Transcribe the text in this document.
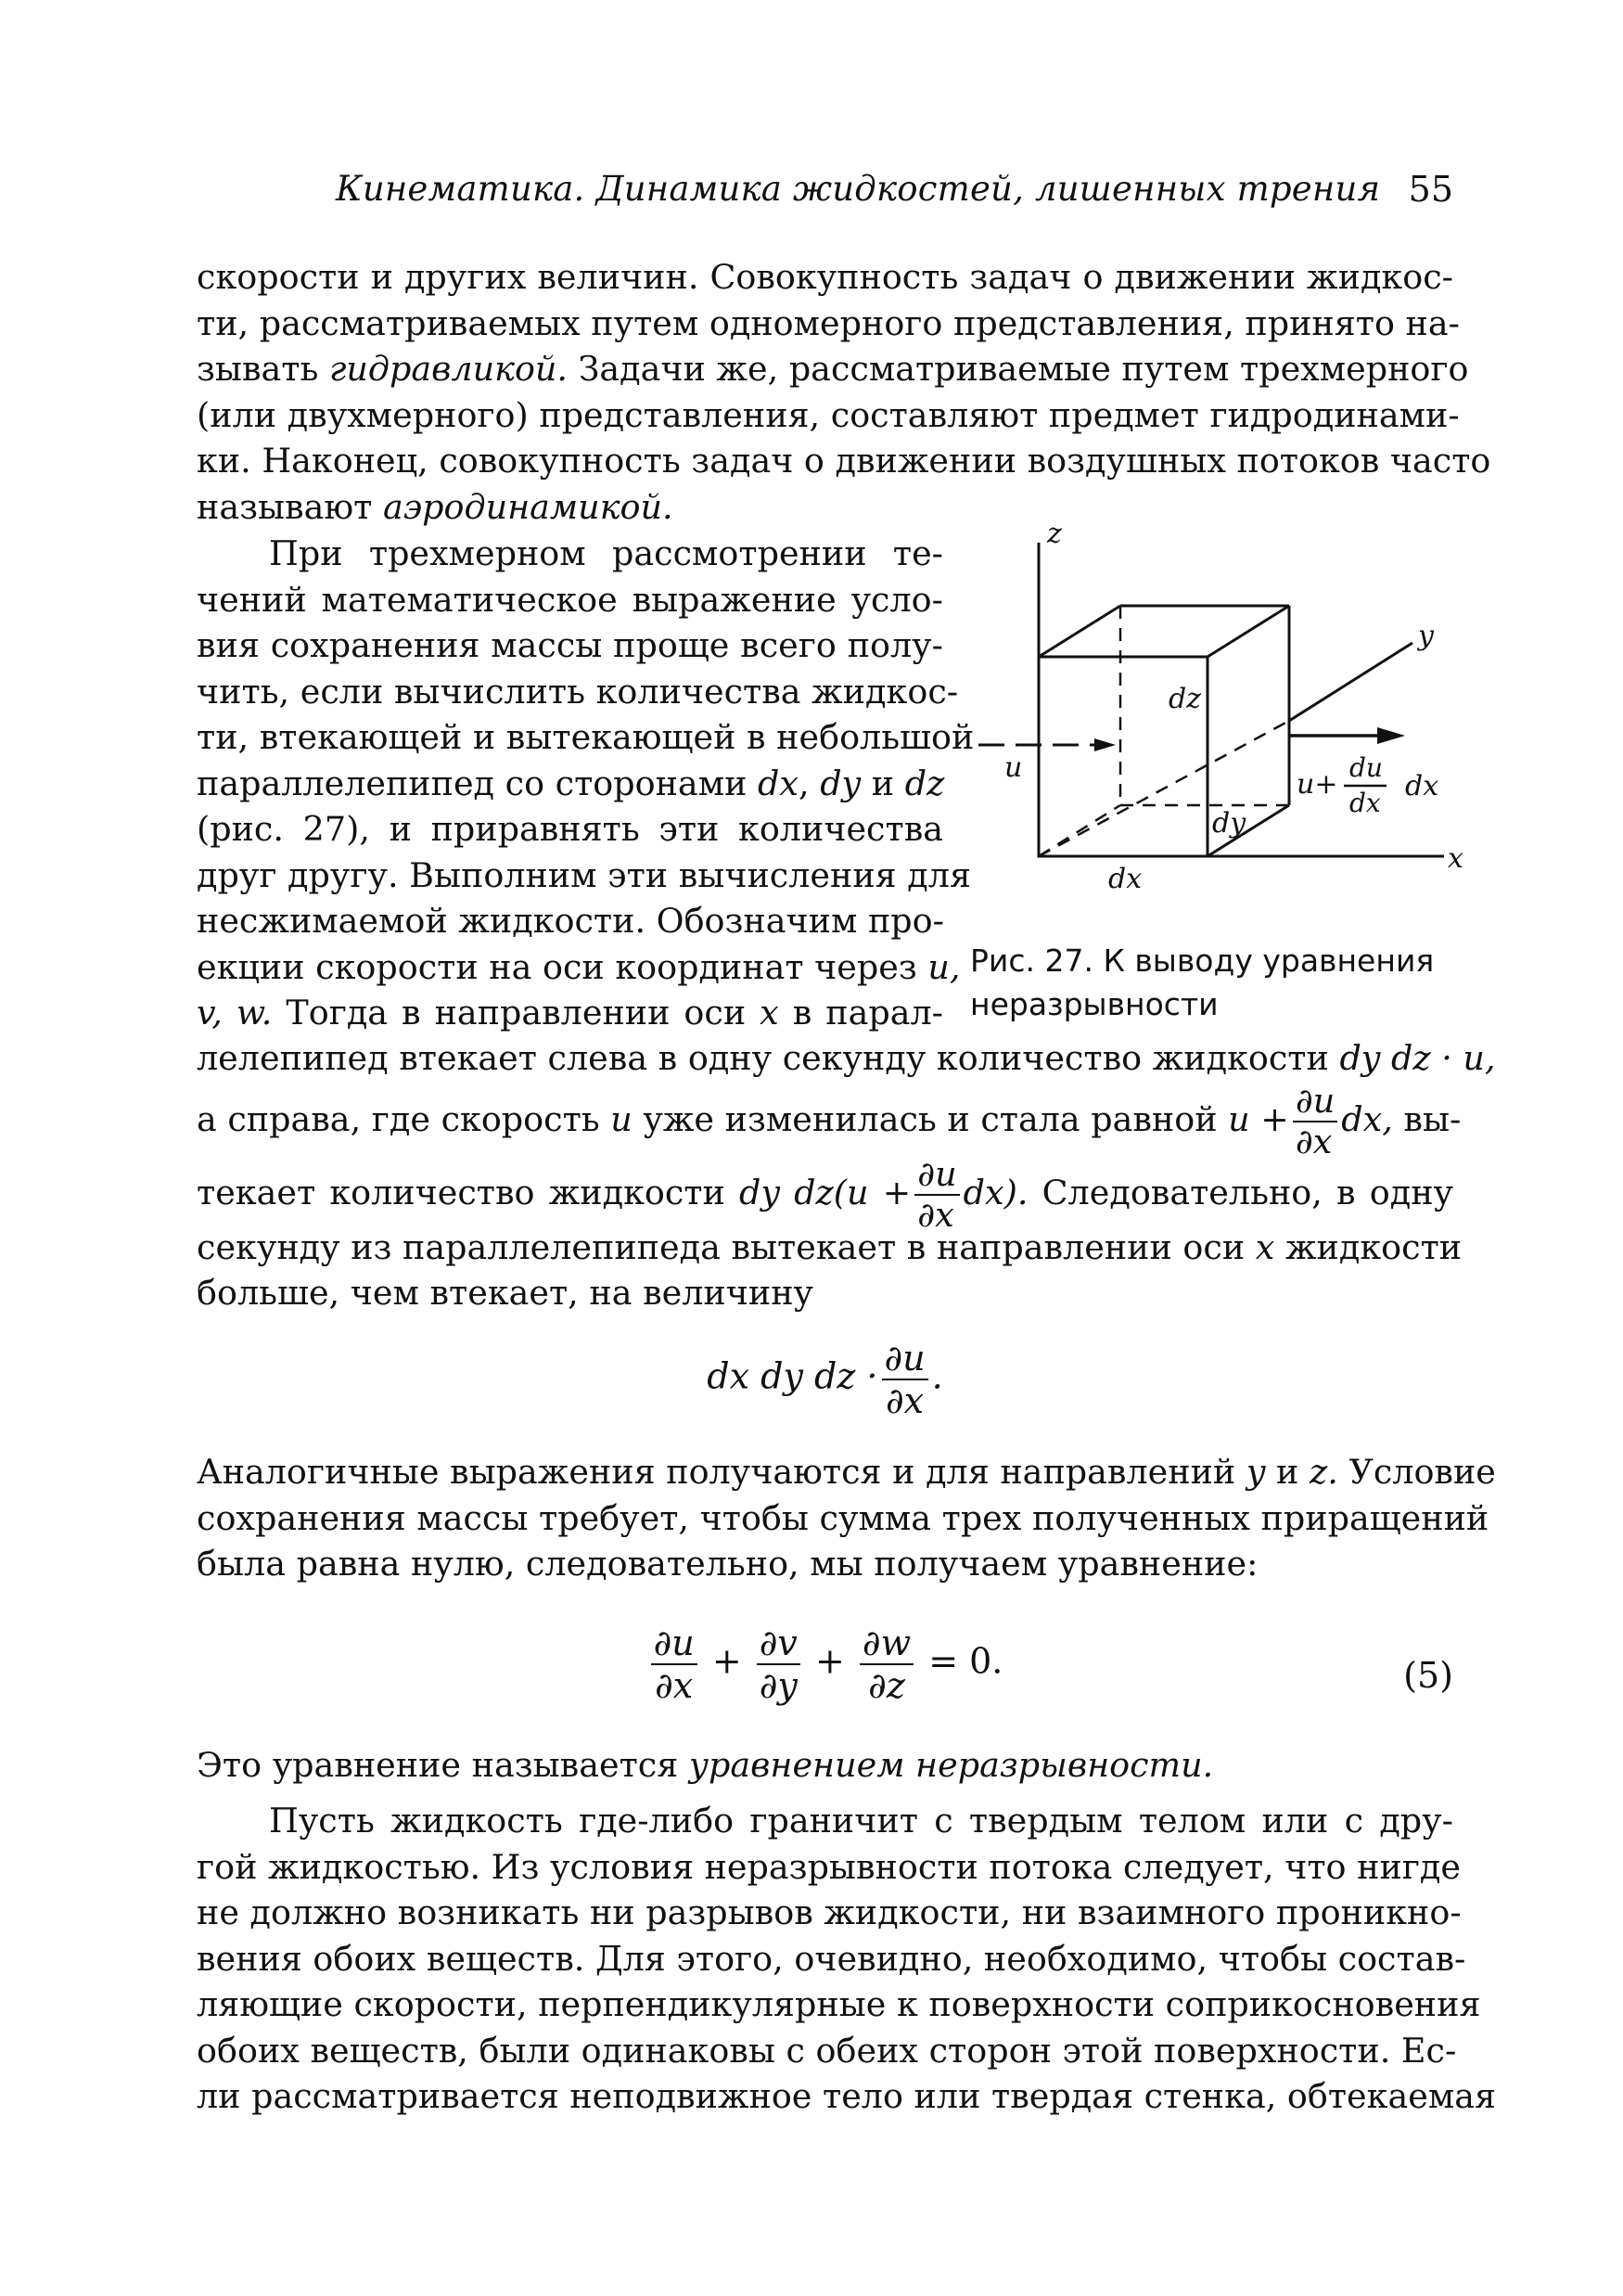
Кинематика. Динамика жидкостей, лишенных трения 55
скорости и других величин. Совокупность задач о движении жидкос-
ти, рассматриваемых путем одномерного представления, принято на-
зывать гидравликой. Задачи же, рассматриваемые путем трехмерного
(или двухмерного) представления, составляют предмет гидродинами-
ки. Наконец, совокупность задач о движении воздушных потоков часто
называют аэродинамикой.
При трехмерном рассмотрении те-
чений математическое выражение усло-
вия сохранения массы проще всего полу-
чить, если вычислить количества жидкос-
ти, втекающей и вытекающей в небольшой
параллелепипед со сторонами dx, dy и dz
(рис. 27), и приравнять эти количества
друг другу. Выполним эти вычисления для
несжимаемой жидкости. Обозначим про-
екции скорости на оси координат через u,
v, w. Тогда в направлении оси x в парал-
лелепипед втекает слева в одну секунду количество жидкости dy dz · u,
а справа, где скорость u уже изменилась и стала равной $u + \frac{\partial u}{\partial x}$ dx, вы-
текает количество жидкости dy $dz(u + \frac{\partial u}{\partial x} dx)$. Следовательно, в одну
секунду из параллелепипеда вытекает в направлении оси x жидкости
больше, чем втекает, на величину
dx dy dz · $\frac{\partial u}{\partial x}$ .
Аналогичные выражения получаются и для направлений y и z. Условие
сохранения массы требует, чтобы сумма трех полученных приращений
была равна нулю, следовательно, мы получаем уравнение:
$\frac{\partial u}{\partial x} + \frac{\partial v}{\partial y} + \frac{\partial w}{\partial z} = 0$.	(5)
Это уравнение называется уравнением неразрывности.
Пусть жидкость где-либо граничит с твердым телом или с дру-
гой жидкостью. Из условия неразрывности потока следует, что нигде
не должно возникать ни разрывов жидкости, ни взаимного проникно-
вения обоих веществ. Для этого, очевидно, необходимо, чтобы состав-
ляющие скорости, перпендикулярные к поверхности соприкосновения
обоих веществ, были одинаковы с обеих сторон этой поверхности. Ес-
ли рассматривается неподвижное тело или твердая стенка, обтекаемая
z
y
x
dz
dy
dx
u
u+
du
dx
dx
Рис. 27. К выводу уравнения
неразрывности
